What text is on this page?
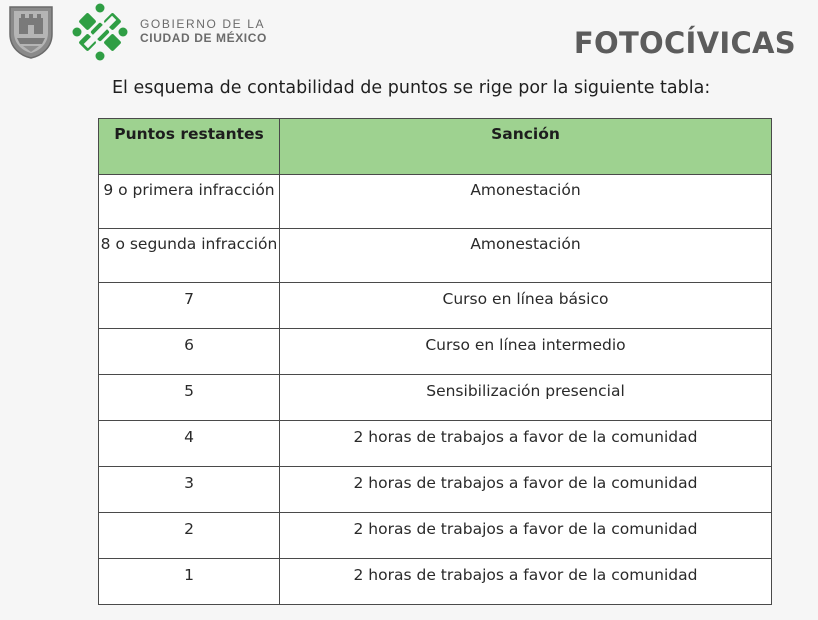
GOBIERNO DE LA
CIUDAD DE MÉXICO	FOTOCÍVICAS
El esquema de contabilidad de puntos se rige por la siguiente tabla:
Puntos restantes	Sanción
9 o primera infracción	Amonestación
8 o segunda infracción	Amonestación
7	Curso en línea básico
6	Curso en línea intermedio
5	Sensibilización presencial
4	2 horas de trabajos a favor de la comunidad
3	2 horas de trabajos a favor de la comunidad
2	2 horas de trabajos a favor de la comunidad
1	2 horas de trabajos a favor de la comunidad
